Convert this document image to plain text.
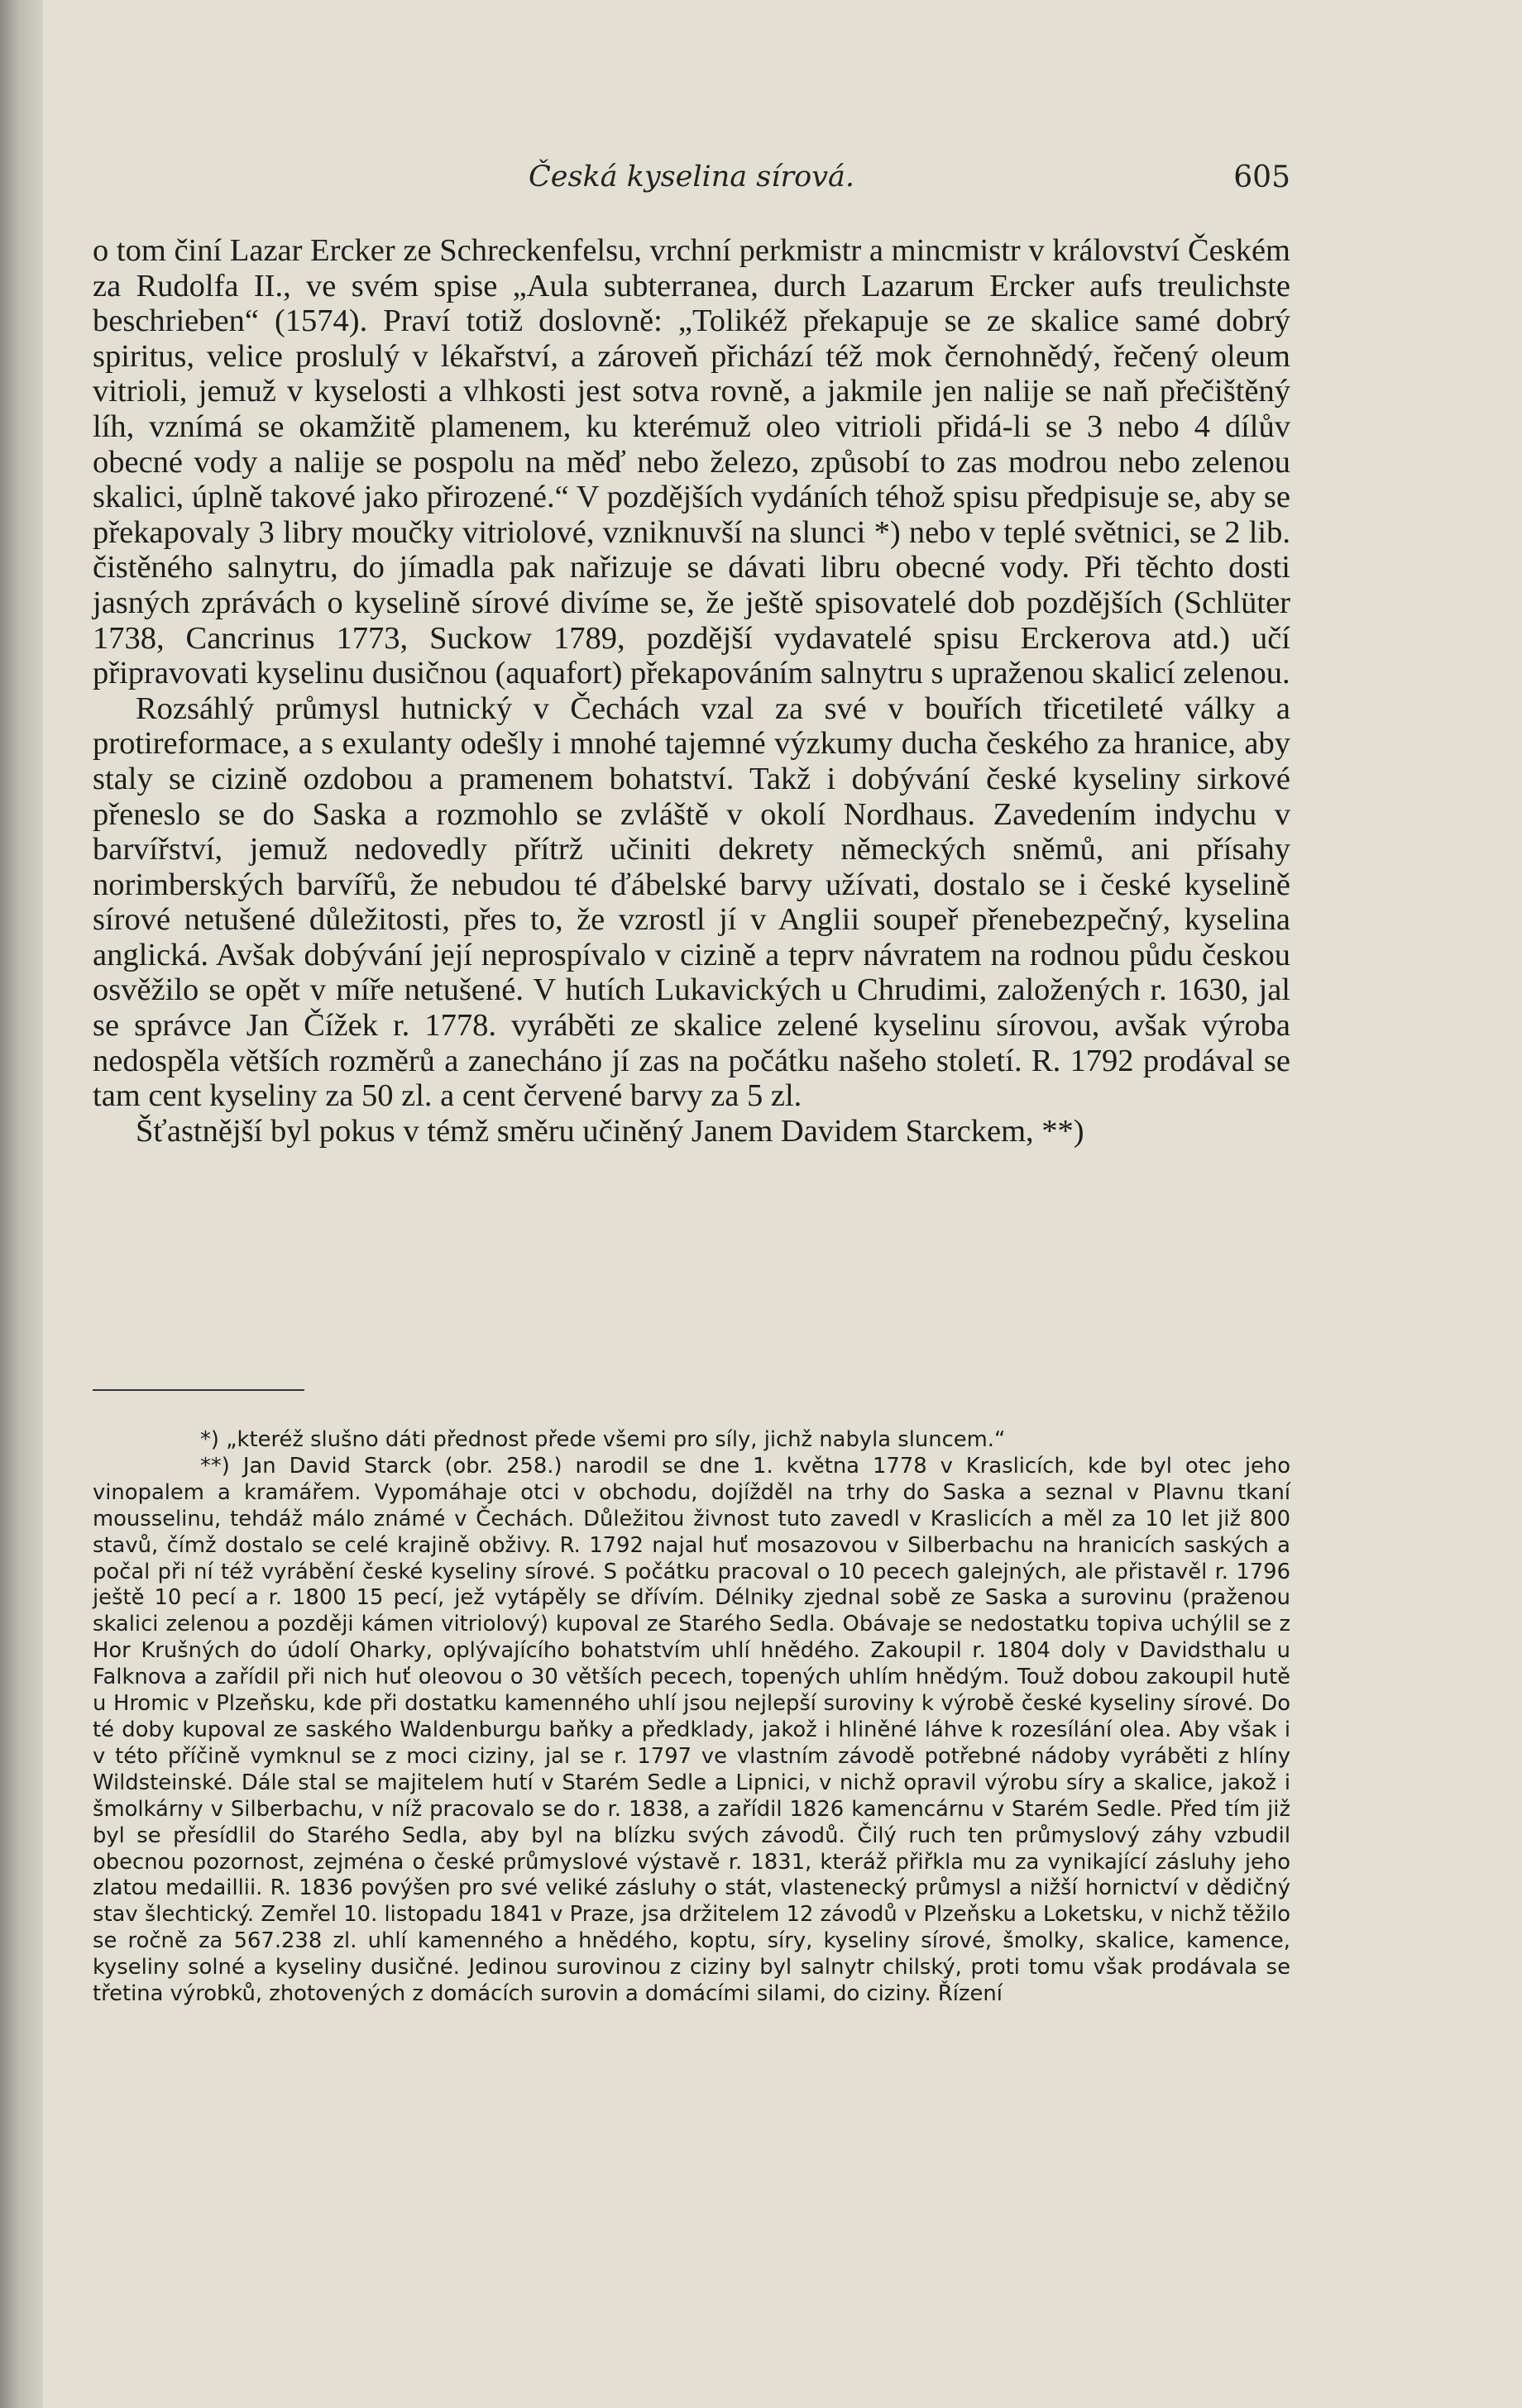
Česká kyselina sírová.	605

o tom činí Lazar Ercker ze Schreckenfelsu, vrchní perkmistr a mincmistr v království Českém za Rudolfa II., ve svém spise „Aula subterranea, durch Lazarum Ercker aufs treulichste beschrieben“ (1574). Praví totiž doslovně: „Tolikéž překapuje se ze skalice samé dobrý spiritus, velice proslulý v lékařství, a zároveň přichází též mok černohnědý, řečený oleum vitrioli, jemuž v kyselosti a vlhkosti jest sotva rovně, a jakmile jen nalije se naň přečištěný líh, vznímá se okamžitě plamenem, ku kterémuž oleo vitrioli přidá-li se 3 nebo 4 dílův obecné vody a nalije se pospolu na měď nebo železo, způsobí to zas modrou nebo zelenou skalici, úplně takové jako přirozené.“ V pozdějších vydáních téhož spisu předpisuje se, aby se překapovaly 3 libry moučky vitriolové, vzniknuvší na slunci *) nebo v teplé světnici, se 2 lib. čistěného salnytru, do jímadla pak nařizuje se dávati libru obecné vody. Při těchto dosti jasných zprávách o kyselině sírové divíme se, že ještě spisovatelé dob pozdějších (Schlüter 1738, Cancrinus 1773, Suckow 1789, pozdější vydavatelé spisu Erckerova atd.) učí připravovati kyselinu dusičnou (aquafort) překapováním salnytru s upraženou skalicí zelenou.

Rozsáhlý průmysl hutnický v Čechách vzal za své v bouřích třicetileté války a protireformace, a s exulanty odešly i mnohé tajemné výzkumy ducha českého za hranice, aby staly se cizině ozdobou a pramenem bohatství. Takž i dobývání české kyseliny sirkové přeneslo se do Saska a rozmohlo se zvláště v okolí Nordhaus. Zavedením indychu v barvířství, jemuž nedovedly přítrž učiniti dekrety německých sněmů, ani přísahy norimberských barvířů, že nebudou té ďábelské barvy užívati, dostalo se i české kyselině sírové netušené důležitosti, přes to, že vzrostl jí v Anglii soupeř přenebezpečný, kyselina anglická. Avšak dobývání její neprospívalo v cizině a teprv návratem na rodnou půdu českou osvěžilo se opět v míře netušené. V hutích Lukavických u Chrudimi, založených r. 1630, jal se správce Jan Čížek r. 1778. vyráběti ze skalice zelené kyselinu sírovou, avšak výroba nedospěla větších rozměrů a zanecháno jí zas na počátku našeho století. R. 1792 prodával se tam cent kyseliny za 50 zl. a cent červené barvy za 5 zl.

Šťastnější byl pokus v témž směru učiněný Janem Davidem Starckem, **)

*) „kteréž slušno dáti přednost přede všemi pro síly, jichž nabyla sluncem.“

**) Jan David Starck (obr. 258.) narodil se dne 1. května 1778 v Kraslicích, kde byl otec jeho vinopalem a kramářem. Vypomáhaje otci v obchodu, dojížděl na trhy do Saska a seznal v Plavnu tkaní mousselinu, tehdáž málo známé v Čechách. Důležitou živnost tuto zavedl v Kraslicích a měl za 10 let již 800 stavů, čímž dostalo se celé krajině obživy. R. 1792 najal huť mosazovou v Silberbachu na hranicích saských a počal při ní též vyrábění české kyseliny sírové. S počátku pracoval o 10 pecech galejných, ale přistavěl r. 1796 ještě 10 pecí a r. 1800 15 pecí, jež vytápěly se dřívím. Délniky zjednal sobě ze Saska a surovinu (praženou skalici zelenou a později kámen vitriolový) kupoval ze Starého Sedla. Obávaje se nedostatku topiva uchýlil se z Hor Krušných do údolí Oharky, oplývajícího bohatstvím uhlí hnědého. Zakoupil r. 1804 doly v Davidsthalu u Falknova a zařídil při nich huť oleovou o 30 větších pecech, topených uhlím hnědým. Touž dobou zakoupil hutě u Hromic v Plzeňsku, kde při dostatku kamenného uhlí jsou nejlepší suroviny k výrobě české kyseliny sírové. Do té doby kupoval ze saského Waldenburgu baňky a předklady, jakož i hliněné láhve k rozesílání olea. Aby však i v této příčině vymknul se z moci ciziny, jal se r. 1797 ve vlastním závodě potřebné nádoby vyráběti z hlíny Wildsteinské. Dále stal se majitelem hutí v Starém Sedle a Lipnici, v nichž opravil výrobu síry a skalice, jakož i šmolkárny v Silberbachu, v níž pracovalo se do r. 1838, a zařídil 1826 kamencárnu v Starém Sedle. Před tím již byl se přesídlil do Starého Sedla, aby byl na blízku svých závodů. Čilý ruch ten průmyslový záhy vzbudil obecnou pozornost, zejména o české průmyslové výstavě r. 1831, kteráž přiřkla mu za vynikající zásluhy jeho zlatou medaillii. R. 1836 povýšen pro své veliké zásluhy o stát, vlastenecký průmysl a nižší hornictví v dědičný stav šlechtický. Zemřel 10. listopadu 1841 v Praze, jsa držitelem 12 závodů v Plzeňsku a Loketsku, v nichž těžilo se ročně za 567.238 zl. uhlí kamenného a hnědého, koptu, síry, kyseliny sírové, šmolky, skalice, kamence, kyseliny solné a kyseliny dusičné. Jedinou surovinou z ciziny byl salnytr chilský, proti tomu však prodávala se třetina výrobků, zhotovených z domácích surovin a domácími silami, do ciziny. Řízení
